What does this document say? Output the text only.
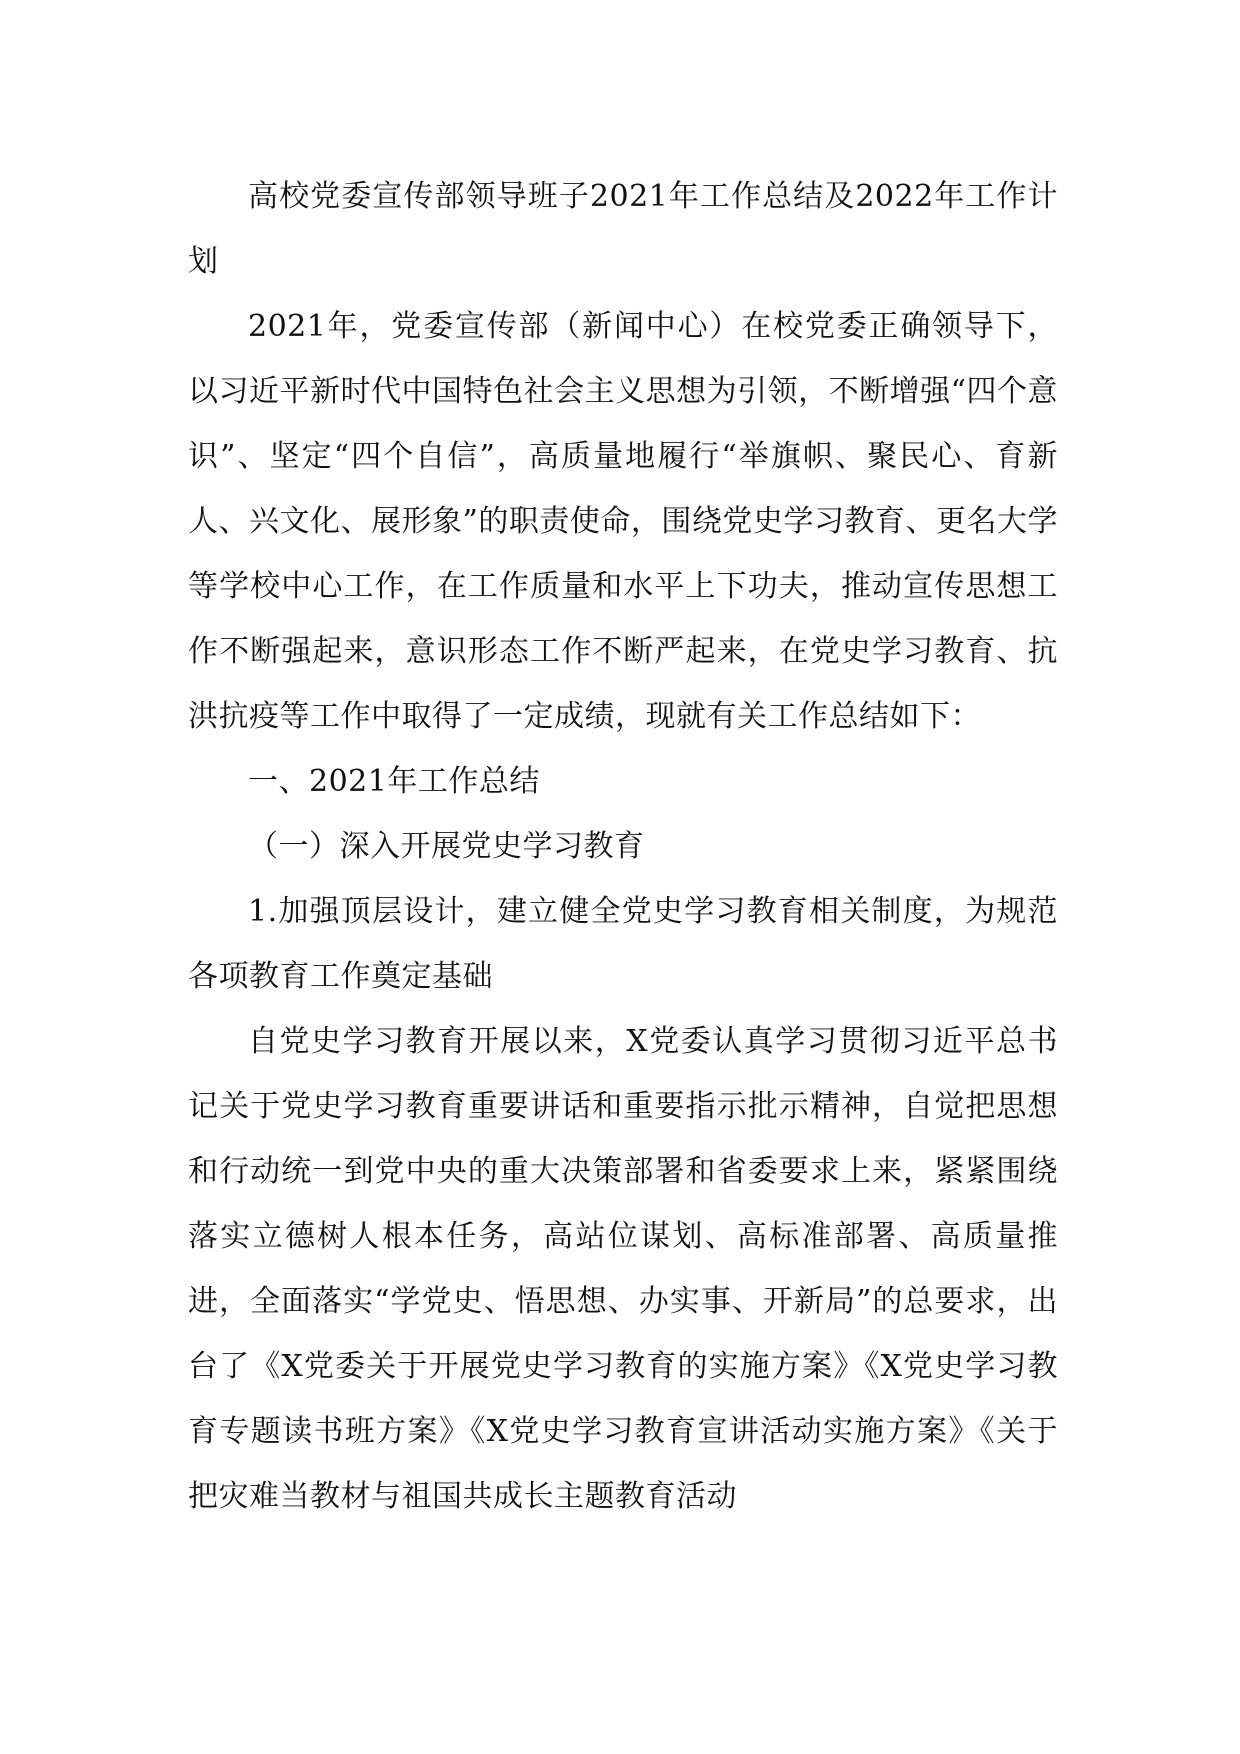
高校党委宣传部领导班子2021年工作总结及2022年工作计划

2021年，党委宣传部（新闻中心）在校党委正确领导下，以习近平新时代中国特色社会主义思想为引领，不断增强“四个意识”、坚定“四个自信”，高质量地履行“举旗帜、聚民心、育新人、兴文化、展形象”的职责使命，围绕党史学习教育、更名大学等学校中心工作，在工作质量和水平上下功夫，推动宣传思想工作不断强起来，意识形态工作不断严起来，在党史学习教育、抗洪抗疫等工作中取得了一定成绩，现就有关工作总结如下：

一、2021年工作总结

（一）深入开展党史学习教育

1.加强顶层设计，建立健全党史学习教育相关制度，为规范各项教育工作奠定基础

自党史学习教育开展以来，X党委认真学习贯彻习近平总书记关于党史学习教育重要讲话和重要指示批示精神，自觉把思想和行动统一到党中央的重大决策部署和省委要求上来，紧紧围绕落实立德树人根本任务，高站位谋划、高标准部署、高质量推进，全面落实“学党史、悟思想、办实事、开新局”的总要求，出台了《X党委关于开展党史学习教育的实施方案》《X党史学习教育专题读书班方案》《X党史学习教育宣讲活动实施方案》《关于把灾难当教材与祖国共成长主题教育活动
